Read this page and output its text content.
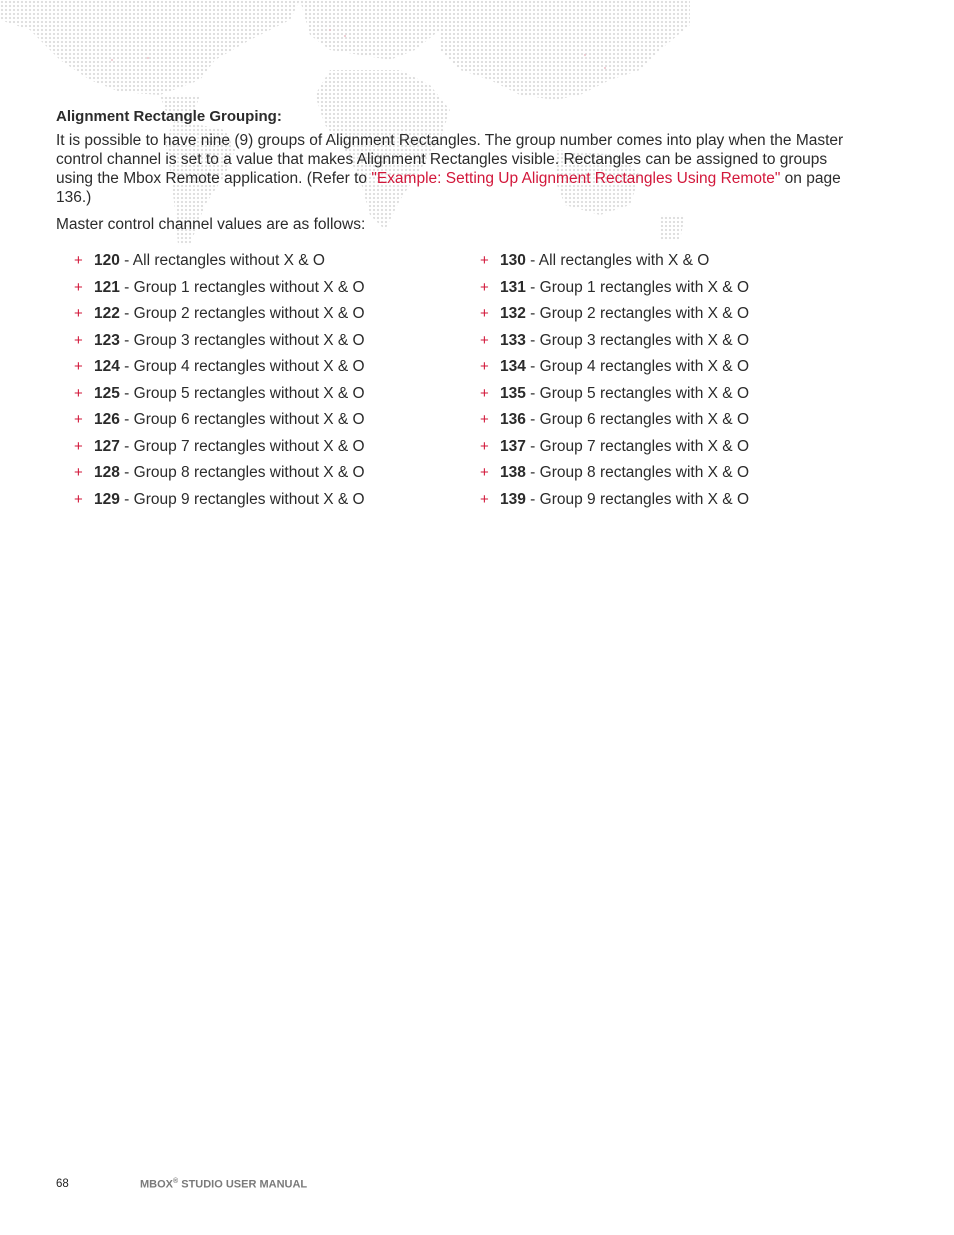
Alignment Rectangle Grouping:

It is possible to have nine (9) groups of Alignment Rectangles. The group number comes into play when the Master control channel is set to a value that makes Alignment Rectangles visible. Rectangles can be assigned to groups using the Mbox Remote application. (Refer to "Example: Setting Up Alignment Rectangles Using Remote" on page 136.)

Master control channel values are as follows:

+ 120 - All rectangles without X & O
+ 121 - Group 1 rectangles without X & O
+ 122 - Group 2 rectangles without X & O
+ 123 - Group 3 rectangles without X & O
+ 124 - Group 4 rectangles without X & O
+ 125 - Group 5 rectangles without X & O
+ 126 - Group 6 rectangles without X & O
+ 127 - Group 7 rectangles without X & O
+ 128 - Group 8 rectangles without X & O
+ 129 - Group 9 rectangles without X & O
+ 130 - All rectangles with X & O
+ 131 - Group 1 rectangles with X & O
+ 132 - Group 2 rectangles with X & O
+ 133 - Group 3 rectangles with X & O
+ 134 - Group 4 rectangles with X & O
+ 135 - Group 5 rectangles with X & O
+ 136 - Group 6 rectangles with X & O
+ 137 - Group 7 rectangles with X & O
+ 138 - Group 8 rectangles with X & O
+ 139 - Group 9 rectangles with X & O
68	MBOX® STUDIO USER MANUAL
